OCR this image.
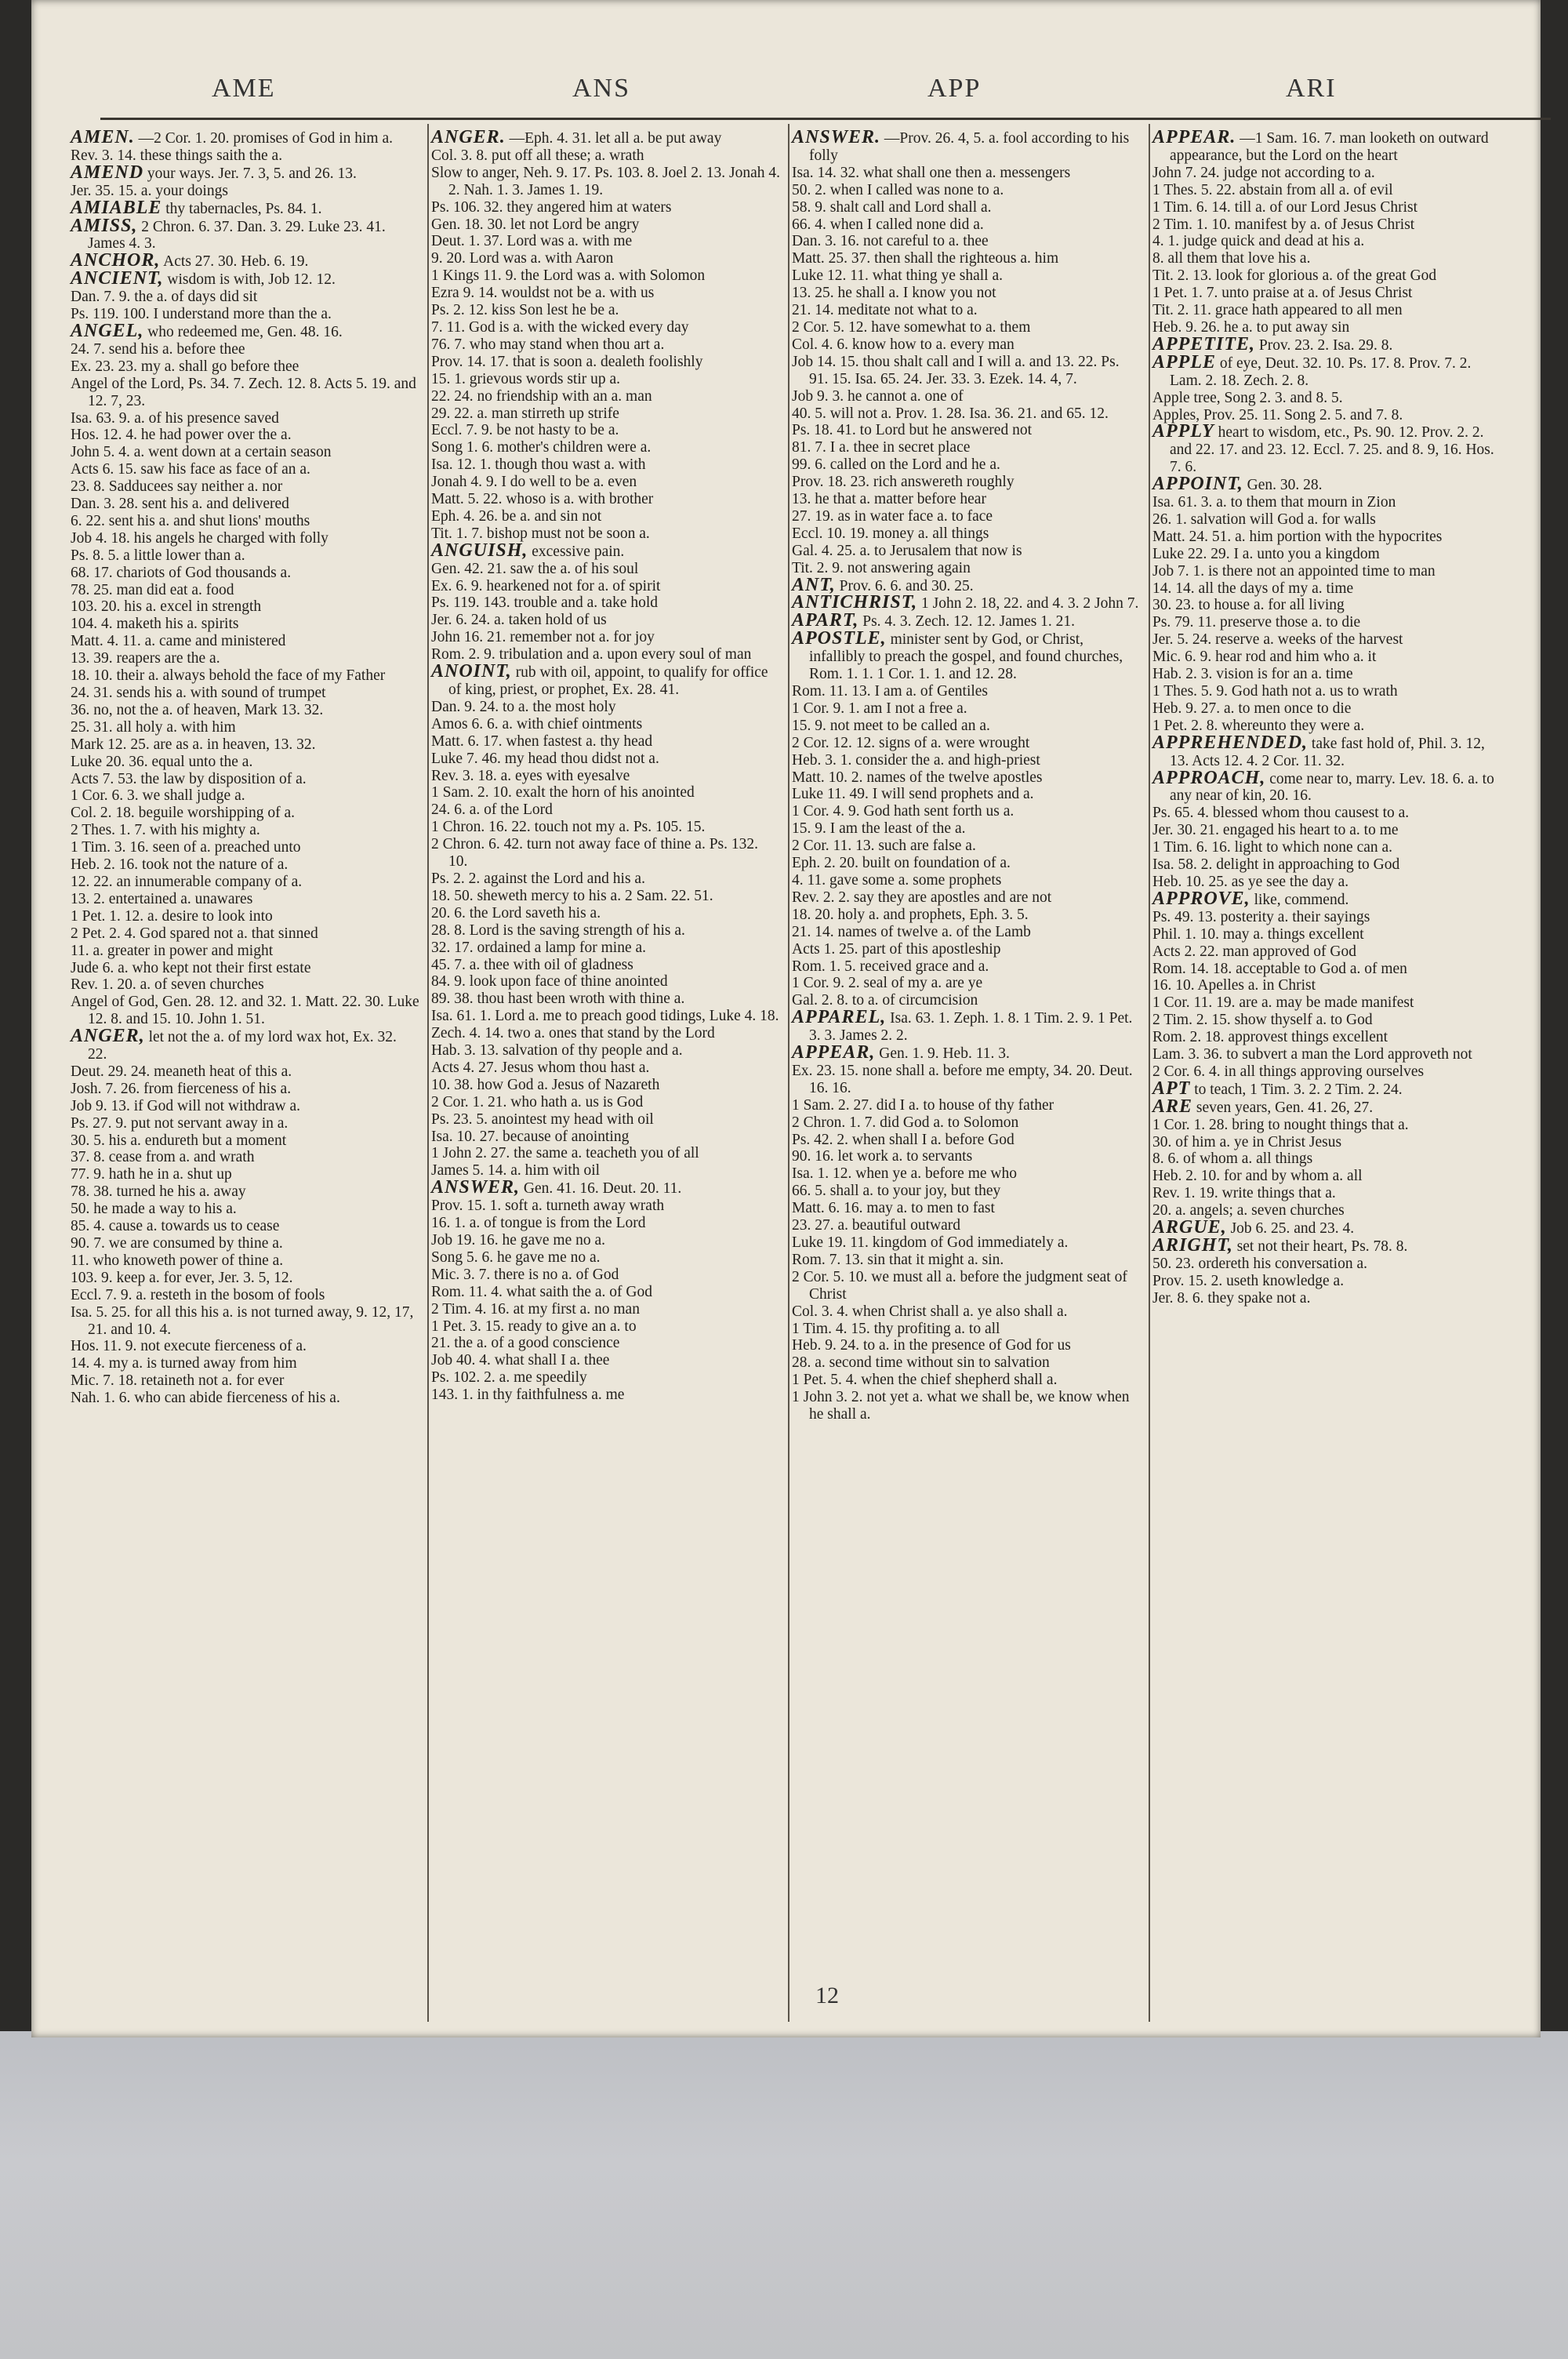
AME	ANS	APP	ARI

AMEN. —2 Cor. 1. 20. promises of God in him a.

Rev. 3. 14. these things saith the a.

AMEND your ways. Jer. 7. 3, 5. and 26. 13.

Jer. 35. 15. a. your doings

AMIABLE thy tabernacles, Ps. 84. 1.

AMISS, 2 Chron. 6. 37. Dan. 3. 29. Luke 23. 41. James 4. 3.

ANCHOR, Acts 27. 30. Heb. 6. 19.

ANCIENT, wisdom is with, Job 12. 12.

Dan. 7. 9. the a. of days did sit

Ps. 119. 100. I understand more than the a.

ANGEL, who redeemed me, Gen. 48. 16.

24. 7. send his a. before thee

Ex. 23. 23. my a. shall go before thee

Angel of the Lord, Ps. 34. 7. Zech. 12. 8. Acts 5. 19. and 12. 7, 23.

Isa. 63. 9. a. of his presence saved

Hos. 12. 4. he had power over the a.

John 5. 4. a. went down at a certain season

Acts 6. 15. saw his face as face of an a.

23. 8. Sadducees say neither a. nor

Dan. 3. 28. sent his a. and delivered

6. 22. sent his a. and shut lions' mouths

Job 4. 18. his angels he charged with folly

Ps. 8. 5. a little lower than a.

68. 17. chariots of God thousands a.

78. 25. man did eat a. food

103. 20. his a. excel in strength

104. 4. maketh his a. spirits

Matt. 4. 11. a. came and ministered

13. 39. reapers are the a.

18. 10. their a. always behold the face of my Father

24. 31. sends his a. with sound of trumpet

36. no, not the a. of heaven, Mark 13. 32.

25. 31. all holy a. with him

Mark 12. 25. are as a. in heaven, 13. 32.

Luke 20. 36. equal unto the a.

Acts 7. 53. the law by disposition of a.

1 Cor. 6. 3. we shall judge a.

Col. 2. 18. beguile worshipping of a.

2 Thes. 1. 7. with his mighty a.

1 Tim. 3. 16. seen of a. preached unto

Heb. 2. 16. took not the nature of a.

12. 22. an innumerable company of a.

13. 2. entertained a. unawares

1 Pet. 1. 12. a. desire to look into

2 Pet. 2. 4. God spared not a. that sinned

11. a. greater in power and might

Jude 6. a. who kept not their first estate

Rev. 1. 20. a. of seven churches

Angel of God, Gen. 28. 12. and 32. 1. Matt. 22. 30. Luke 12. 8. and 15. 10. John 1. 51.

ANGER, let not the a. of my lord wax hot, Ex. 32. 22.

Deut. 29. 24. meaneth heat of this a.

Josh. 7. 26. from fierceness of his a.

Job 9. 13. if God will not withdraw a.

Ps. 27. 9. put not servant away in a.

30. 5. his a. endureth but a moment

37. 8. cease from a. and wrath

77. 9. hath he in a. shut up

78. 38. turned he his a. away

50. he made a way to his a.

85. 4. cause a. towards us to cease

90. 7. we are consumed by thine a.

11. who knoweth power of thine a.

103. 9. keep a. for ever, Jer. 3. 5, 12.

Eccl. 7. 9. a. resteth in the bosom of fools

Isa. 5. 25. for all this his a. is not turned away, 9. 12, 17, 21. and 10. 4.

Hos. 11. 9. not execute fierceness of a.

14. 4. my a. is turned away from him

Mic. 7. 18. retaineth not a. for ever

Nah. 1. 6. who can abide fierceness of his a.

ANGER. —Eph. 4. 31. let all a. be put away

Col. 3. 8. put off all these; a. wrath

Slow to anger, Neh. 9. 17. Ps. 103. 8. Joel 2. 13. Jonah 4. 2. Nah. 1. 3. James 1. 19.

Ps. 106. 32. they angered him at waters

Gen. 18. 30. let not Lord be angry

Deut. 1. 37. Lord was a. with me

9. 20. Lord was a. with Aaron

1 Kings 11. 9. the Lord was a. with Solomon

Ezra 9. 14. wouldst not be a. with us

Ps. 2. 12. kiss Son lest he be a.

7. 11. God is a. with the wicked every day

76. 7. who may stand when thou art a.

Prov. 14. 17. that is soon a. dealeth foolishly

15. 1. grievous words stir up a.

22. 24. no friendship with an a. man

29. 22. a. man stirreth up strife

Eccl. 7. 9. be not hasty to be a.

Song 1. 6. mother's children were a.

Isa. 12. 1. though thou wast a. with

Jonah 4. 9. I do well to be a. even

Matt. 5. 22. whoso is a. with brother

Eph. 4. 26. be a. and sin not

Tit. 1. 7. bishop must not be soon a.

ANGUISH, excessive pain.

Gen. 42. 21. saw the a. of his soul

Ex. 6. 9. hearkened not for a. of spirit

Ps. 119. 143. trouble and a. take hold

Jer. 6. 24. a. taken hold of us

John 16. 21. remember not a. for joy

Rom. 2. 9. tribulation and a. upon every soul of man

ANOINT, rub with oil, appoint, to qualify for office of king, priest, or prophet, Ex. 28. 41.

Dan. 9. 24. to a. the most holy

Amos 6. 6. a. with chief ointments

Matt. 6. 17. when fastest a. thy head

Luke 7. 46. my head thou didst not a.

Rev. 3. 18. a. eyes with eyesalve

1 Sam. 2. 10. exalt the horn of his anointed

24. 6. a. of the Lord

1 Chron. 16. 22. touch not my a. Ps. 105. 15.

2 Chron. 6. 42. turn not away face of thine a. Ps. 132. 10.

Ps. 2. 2. against the Lord and his a.

18. 50. sheweth mercy to his a. 2 Sam. 22. 51.

20. 6. the Lord saveth his a.

28. 8. Lord is the saving strength of his a.

32. 17. ordained a lamp for mine a.

45. 7. a. thee with oil of gladness

84. 9. look upon face of thine anointed

89. 38. thou hast been wroth with thine a.

Isa. 61. 1. Lord a. me to preach good tidings, Luke 4. 18.

Zech. 4. 14. two a. ones that stand by the Lord

Hab. 3. 13. salvation of thy people and a.

Acts 4. 27. Jesus whom thou hast a.

10. 38. how God a. Jesus of Nazareth

2 Cor. 1. 21. who hath a. us is God

Ps. 23. 5. anointest my head with oil

Isa. 10. 27. because of anointing

1 John 2. 27. the same a. teacheth you of all

James 5. 14. a. him with oil

ANSWER, Gen. 41. 16. Deut. 20. 11.

Prov. 15. 1. soft a. turneth away wrath

16. 1. a. of tongue is from the Lord

Job 19. 16. he gave me no a.

Song 5. 6. he gave me no a.

Mic. 3. 7. there is no a. of God

Rom. 11. 4. what saith the a. of God

2 Tim. 4. 16. at my first a. no man

1 Pet. 3. 15. ready to give an a. to

21. the a. of a good conscience

Job 40. 4. what shall I a. thee

Ps. 102. 2. a. me speedily

143. 1. in thy faithfulness a. me

ANSWER. —Prov. 26. 4, 5. a. fool according to his folly

Isa. 14. 32. what shall one then a. messengers

50. 2. when I called was none to a.

58. 9. shalt call and Lord shall a.

66. 4. when I called none did a.

Dan. 3. 16. not careful to a. thee

Matt. 25. 37. then shall the righteous a. him

Luke 12. 11. what thing ye shall a.

13. 25. he shall a. I know you not

21. 14. meditate not what to a.

2 Cor. 5. 12. have somewhat to a. them

Col. 4. 6. know how to a. every man

Job 14. 15. thou shalt call and I will a. and 13. 22. Ps. 91. 15. Isa. 65. 24. Jer. 33. 3. Ezek. 14. 4, 7.

Job 9. 3. he cannot a. one of

40. 5. will not a. Prov. 1. 28. Isa. 36. 21. and 65. 12.

Ps. 18. 41. to Lord but he answered not

81. 7. I a. thee in secret place

99. 6. called on the Lord and he a.

Prov. 18. 23. rich answereth roughly

13. he that a. matter before hear

27. 19. as in water face a. to face

Eccl. 10. 19. money a. all things

Gal. 4. 25. a. to Jerusalem that now is

Tit. 2. 9. not answering again

ANT, Prov. 6. 6. and 30. 25.

ANTICHRIST, 1 John 2. 18, 22. and 4. 3. 2 John 7.

APART, Ps. 4. 3. Zech. 12. 12. James 1. 21.

APOSTLE, minister sent by God, or Christ, infallibly to preach the gospel, and found churches, Rom. 1. 1. 1 Cor. 1. 1. and 12. 28.

Rom. 11. 13. I am a. of Gentiles

1 Cor. 9. 1. am I not a free a.

15. 9. not meet to be called an a.

2 Cor. 12. 12. signs of a. were wrought

Heb. 3. 1. consider the a. and high-priest

Matt. 10. 2. names of the twelve apostles

Luke 11. 49. I will send prophets and a.

1 Cor. 4. 9. God hath sent forth us a.

15. 9. I am the least of the a.

2 Cor. 11. 13. such are false a.

Eph. 2. 20. built on foundation of a.

4. 11. gave some a. some prophets

Rev. 2. 2. say they are apostles and are not

18. 20. holy a. and prophets, Eph. 3. 5.

21. 14. names of twelve a. of the Lamb

Acts 1. 25. part of this apostleship

Rom. 1. 5. received grace and a.

1 Cor. 9. 2. seal of my a. are ye

Gal. 2. 8. to a. of circumcision

APPAREL, Isa. 63. 1. Zeph. 1. 8. 1 Tim. 2. 9. 1 Pet. 3. 3. James 2. 2.

APPEAR, Gen. 1. 9. Heb. 11. 3.

Ex. 23. 15. none shall a. before me empty, 34. 20. Deut. 16. 16.

1 Sam. 2. 27. did I a. to house of thy father

2 Chron. 1. 7. did God a. to Solomon

Ps. 42. 2. when shall I a. before God

90. 16. let work a. to servants

Isa. 1. 12. when ye a. before me who

66. 5. shall a. to your joy, but they

Matt. 6. 16. may a. to men to fast

23. 27. a. beautiful outward

Luke 19. 11. kingdom of God immediately a.

Rom. 7. 13. sin that it might a. sin.

2 Cor. 5. 10. we must all a. before the judgment seat of Christ

Col. 3. 4. when Christ shall a. ye also shall a.

1 Tim. 4. 15. thy profiting a. to all

Heb. 9. 24. to a. in the presence of God for us

28. a. second time without sin to salvation

1 Pet. 5. 4. when the chief shepherd shall a.

1 John 3. 2. not yet a. what we shall be, we know when he shall a.

APPEAR. —1 Sam. 16. 7. man looketh on outward appearance, but the Lord on the heart

John 7. 24. judge not according to a.

1 Thes. 5. 22. abstain from all a. of evil

1 Tim. 6. 14. till a. of our Lord Jesus Christ

2 Tim. 1. 10. manifest by a. of Jesus Christ

4. 1. judge quick and dead at his a.

8. all them that love his a.

Tit. 2. 13. look for glorious a. of the great God

1 Pet. 1. 7. unto praise at a. of Jesus Christ

Tit. 2. 11. grace hath appeared to all men

Heb. 9. 26. he a. to put away sin

APPETITE, Prov. 23. 2. Isa. 29. 8.

APPLE of eye, Deut. 32. 10. Ps. 17. 8. Prov. 7. 2. Lam. 2. 18. Zech. 2. 8.

Apple tree, Song 2. 3. and 8. 5.

Apples, Prov. 25. 11. Song 2. 5. and 7. 8.

APPLY heart to wisdom, etc., Ps. 90. 12. Prov. 2. 2. and 22. 17. and 23. 12. Eccl. 7. 25. and 8. 9, 16. Hos. 7. 6.

APPOINT, Gen. 30. 28.

Isa. 61. 3. a. to them that mourn in Zion

26. 1. salvation will God a. for walls

Matt. 24. 51. a. him portion with the hypocrites

Luke 22. 29. I a. unto you a kingdom

Job 7. 1. is there not an appointed time to man

14. 14. all the days of my a. time

30. 23. to house a. for all living

Ps. 79. 11. preserve those a. to die

Jer. 5. 24. reserve a. weeks of the harvest

Mic. 6. 9. hear rod and him who a. it

Hab. 2. 3. vision is for an a. time

1 Thes. 5. 9. God hath not a. us to wrath

Heb. 9. 27. a. to men once to die

1 Pet. 2. 8. whereunto they were a.

APPREHENDED, take fast hold of, Phil. 3. 12, 13. Acts 12. 4. 2 Cor. 11. 32.

APPROACH, come near to, marry. Lev. 18. 6. a. to any near of kin, 20. 16.

Ps. 65. 4. blessed whom thou causest to a.

Jer. 30. 21. engaged his heart to a. to me

1 Tim. 6. 16. light to which none can a.

Isa. 58. 2. delight in approaching to God

Heb. 10. 25. as ye see the day a.

APPROVE, like, commend.

Ps. 49. 13. posterity a. their sayings

Phil. 1. 10. may a. things excellent

Acts 2. 22. man approved of God

Rom. 14. 18. acceptable to God a. of men

16. 10. Apelles a. in Christ

1 Cor. 11. 19. are a. may be made manifest

2 Tim. 2. 15. show thyself a. to God

Rom. 2. 18. approvest things excellent

Lam. 3. 36. to subvert a man the Lord approveth not

2 Cor. 6. 4. in all things approving ourselves

APT to teach, 1 Tim. 3. 2. 2 Tim. 2. 24.

ARE seven years, Gen. 41. 26, 27.

1 Cor. 1. 28. bring to nought things that a.

30. of him a. ye in Christ Jesus

8. 6. of whom a. all things

Heb. 2. 10. for and by whom a. all

Rev. 1. 19. write things that a.

20. a. angels; a. seven churches

ARGUE, Job 6. 25. and 23. 4.

ARIGHT, set not their heart, Ps. 78. 8.

50. 23. ordereth his conversation a.

Prov. 15. 2. useth knowledge a.

Jer. 8. 6. they spake not a.

12
